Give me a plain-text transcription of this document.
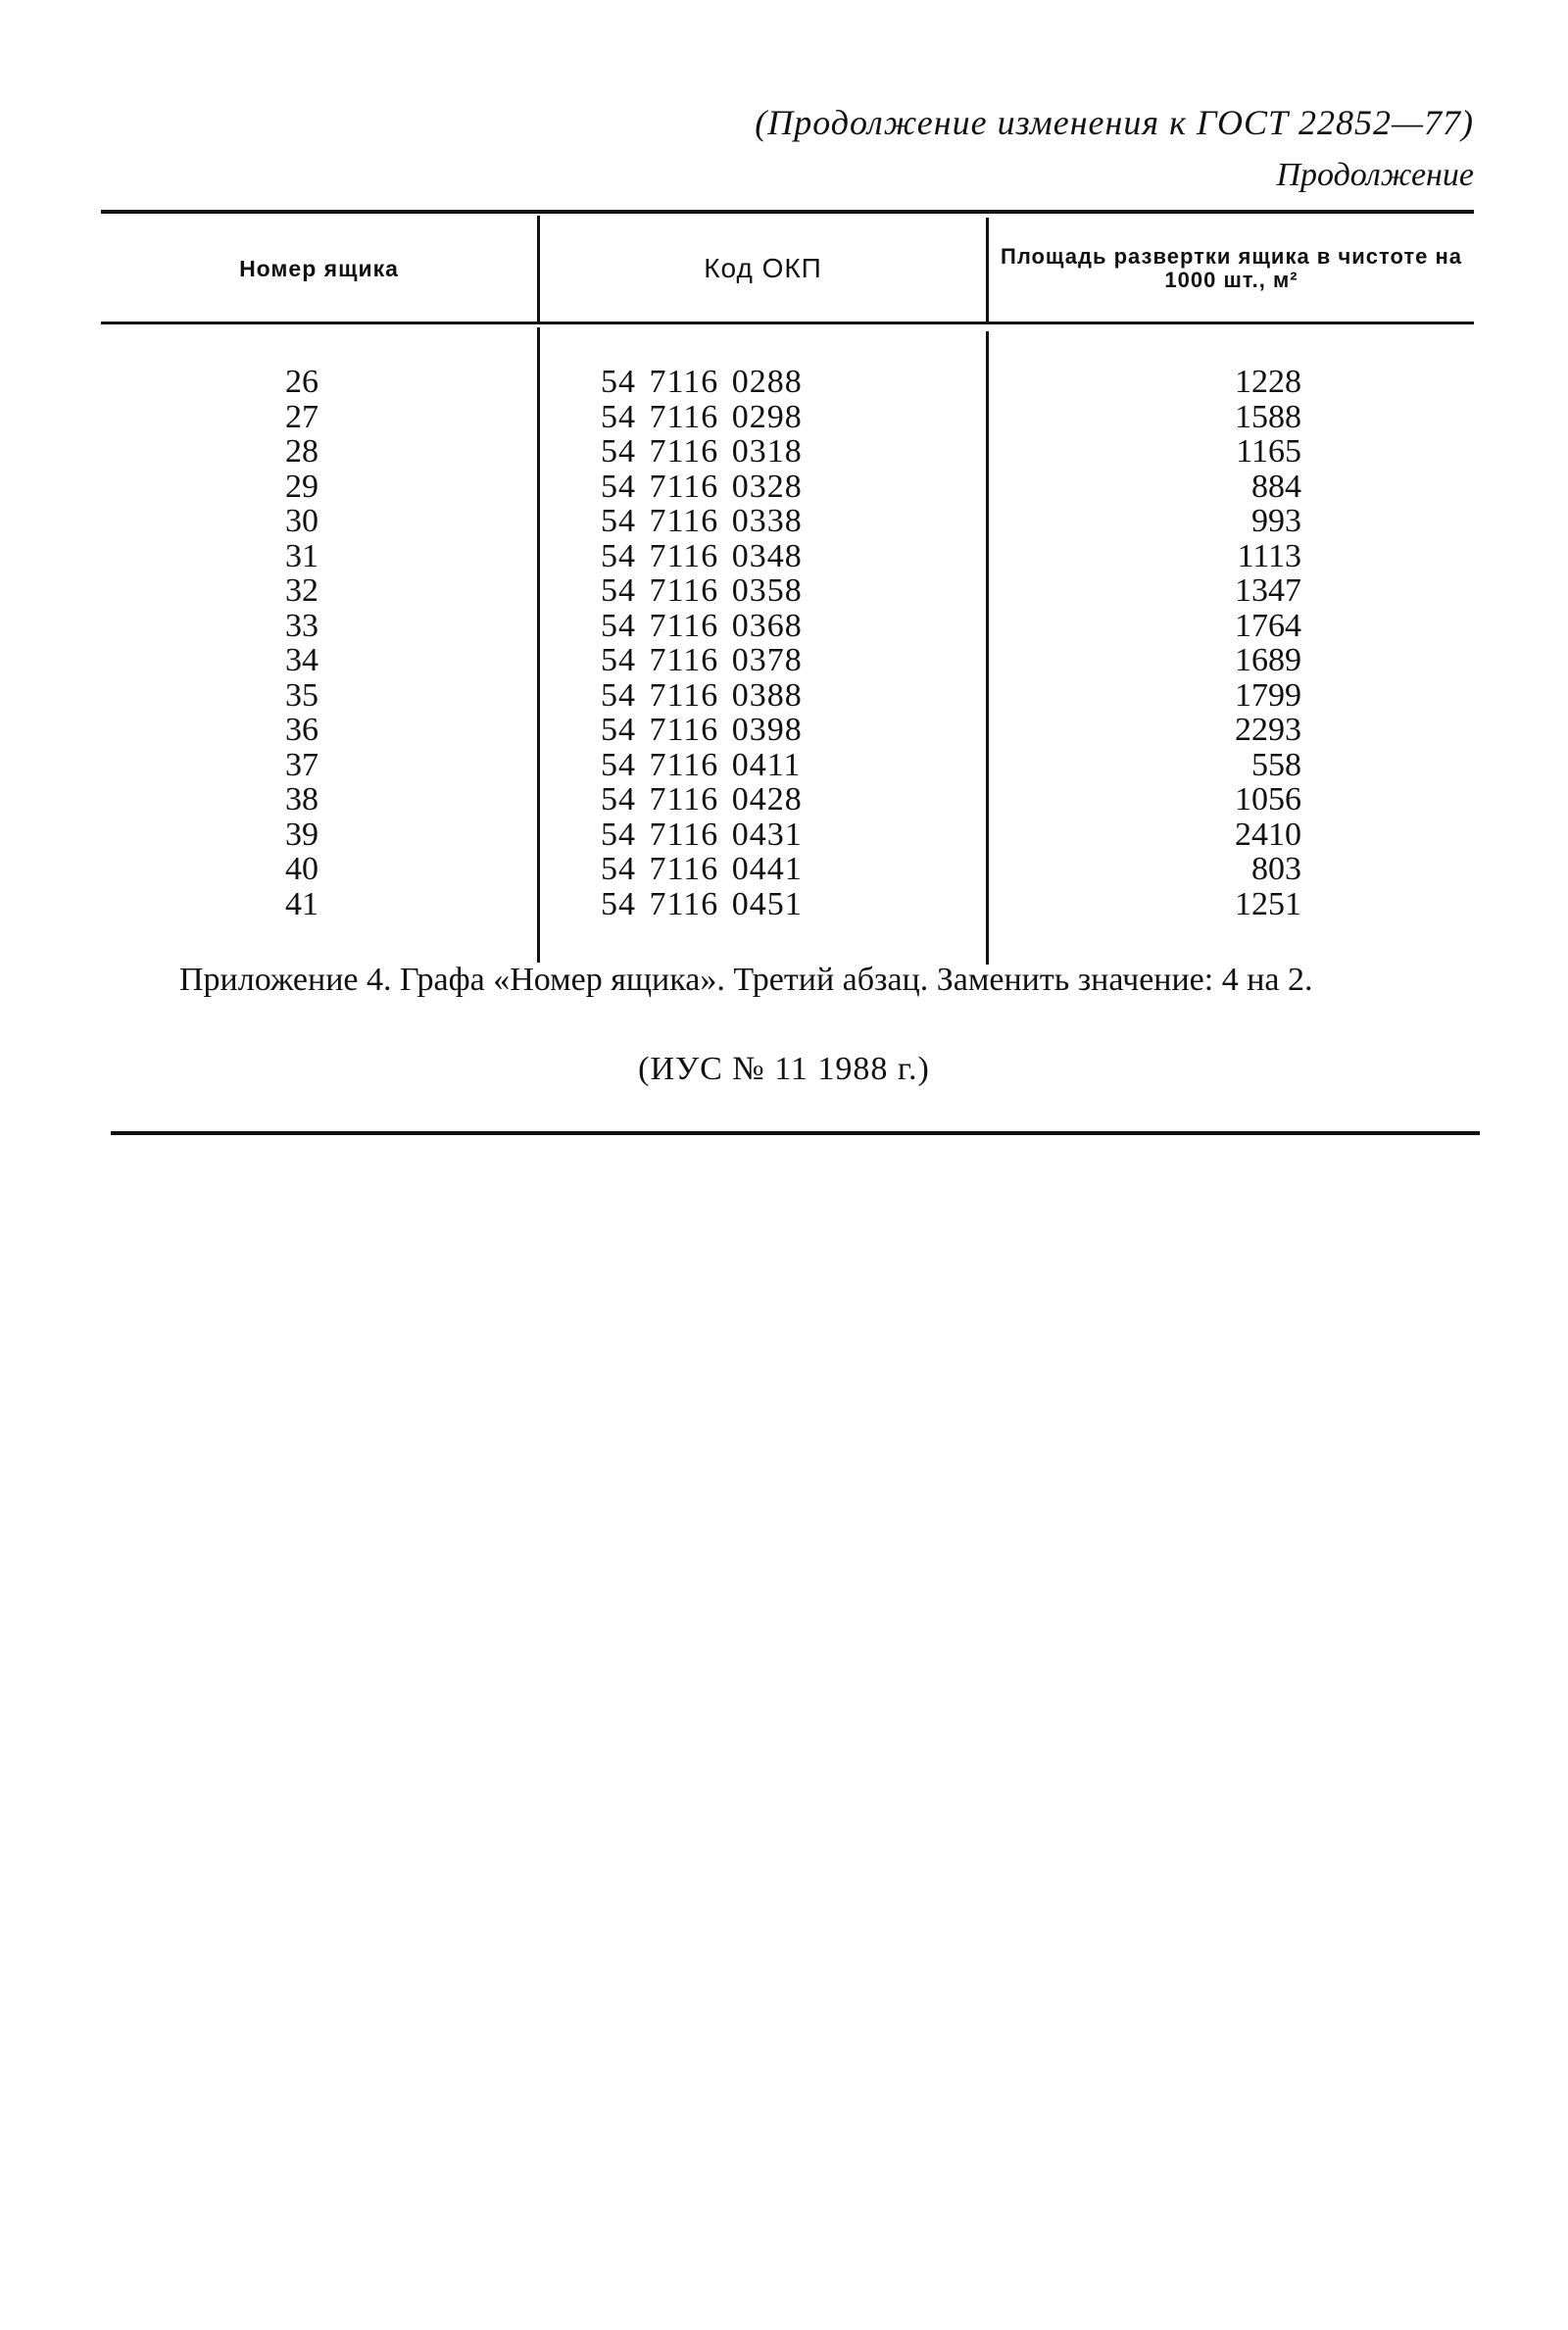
(Продолжение изменения к ГОСТ 22852—77)
Продолжение
Номер ящика	Код ОКП	Площадь развертки ящика в чистоте на 1000 шт., м²
26	54 7116 0288	1228
27	54 7116 0298	1588
28	54 7116 0318	1165
29	54 7116 0328	884
30	54 7116 0338	993
31	54 7116 0348	1113
32	54 7116 0358	1347
33	54 7116 0368	1764
34	54 7116 0378	1689
35	54 7116 0388	1799
36	54 7116 0398	2293
37	54 7116 0411	558
38	54 7116 0428	1056
39	54 7116 0431	2410
40	54 7116 0441	803
41	54 7116 0451	1251
Приложение 4. Графа «Номер ящика». Третий абзац. Заменить значение: 4 на 2.
(ИУС № 11 1988 г.)
